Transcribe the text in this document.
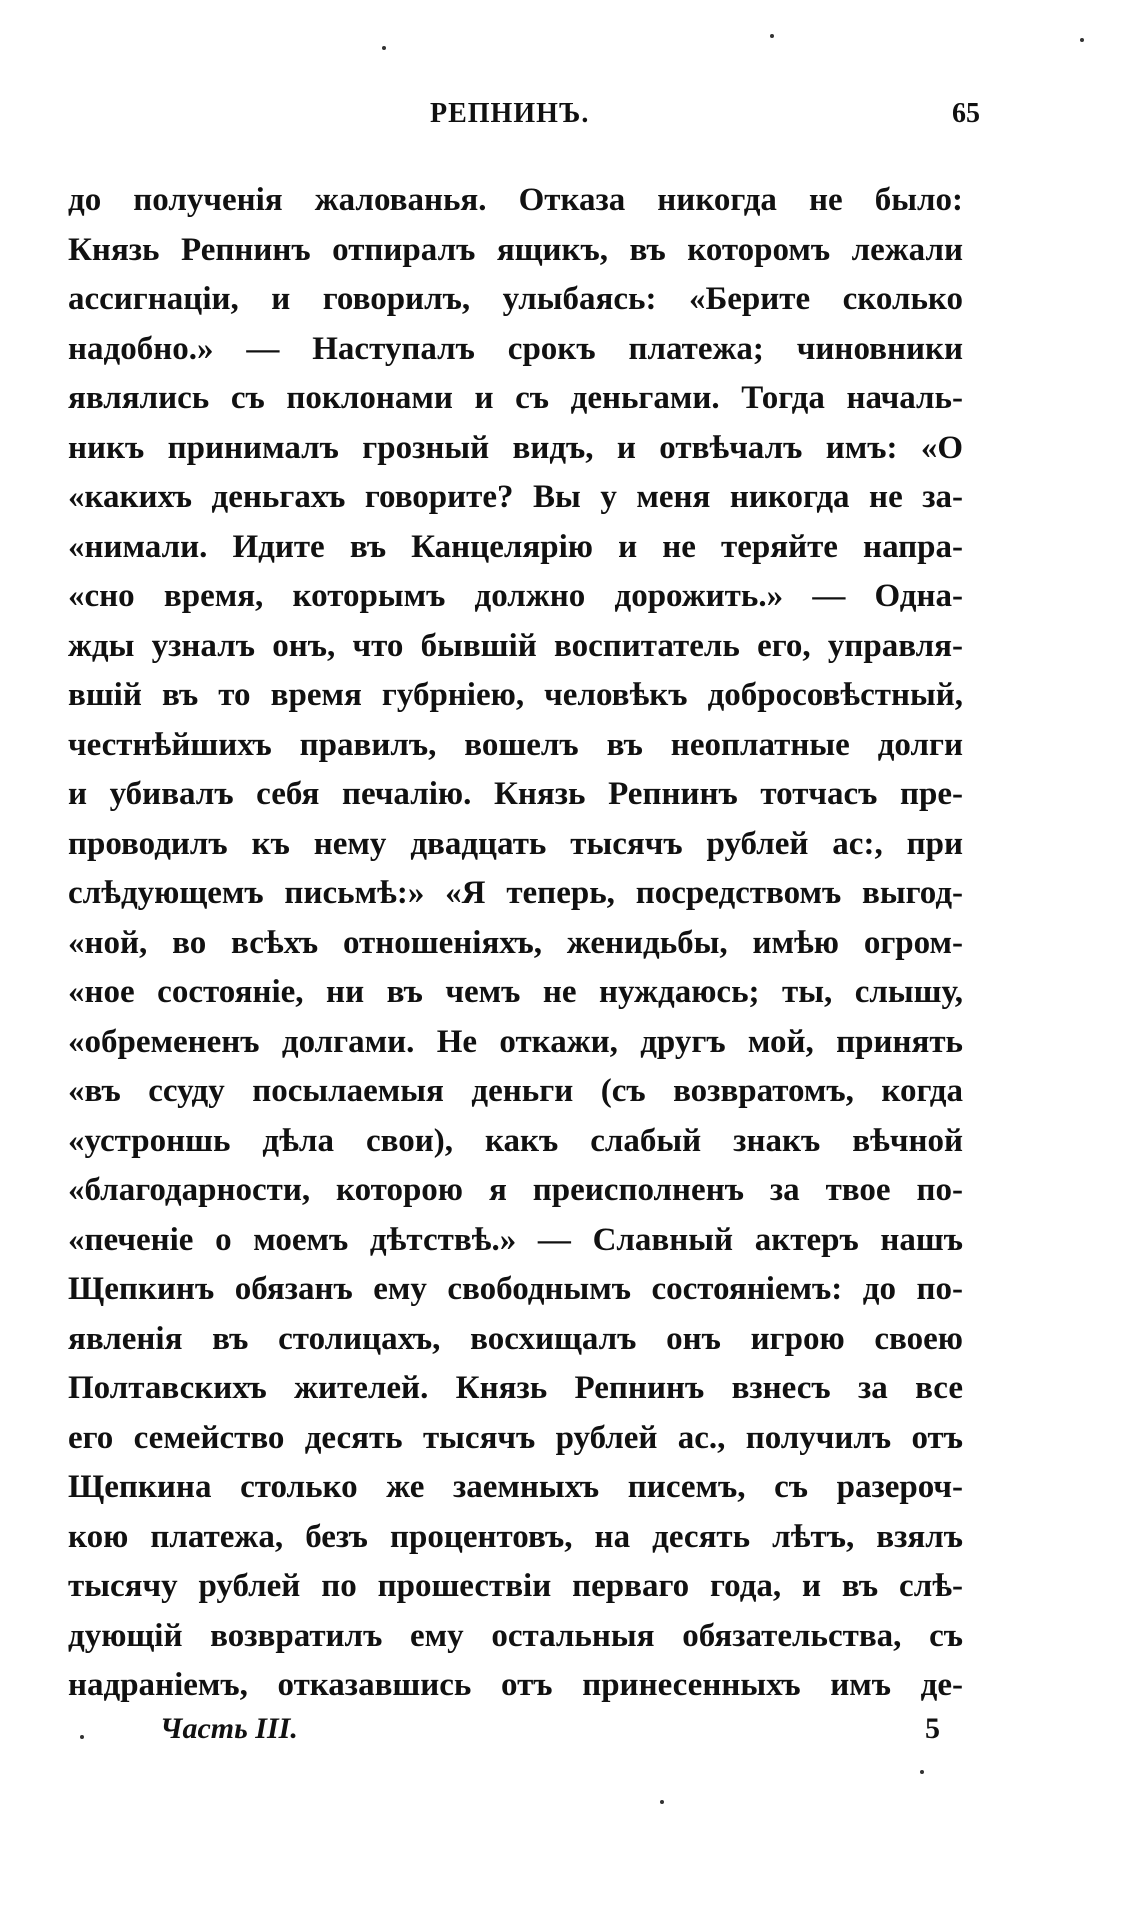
РЕПНИНЪ.	65
до полученія жалованья. Отказа никогда не было:
Князь Репнинъ отпиралъ ящикъ, въ которомъ лежали
ассигнаціи, и говорилъ, улыбаясь: «Берите сколько
надобно.» — Наступалъ срокъ платежа; чиновники
являлись съ поклонами и съ деньгами. Тогда началь-
никъ принималъ грозный видъ, и отвѣчалъ имъ: «О
«какихъ деньгахъ говорите? Вы у меня никогда не за-
«нимали. Идите въ Канцелярію и не теряйте напра-
«сно время, которымъ должно дорожить.» — Одна-
жды узналъ онъ, что бывшій воспитатель его, управля-
вшій въ то время губрніею, человѣкъ добросовѣстный,
честнѣйшихъ правилъ, вошелъ въ неоплатные долги
и убивалъ себя печалію. Князь Репнинъ тотчасъ пре-
проводилъ къ нему двадцать тысячъ рублей ас:, при
слѣдующемъ письмѣ:» «Я теперь, посредствомъ выгод-
«ной, во всѣхъ отношеніяхъ, женидьбы, имѣю огром-
«ное состояніе, ни въ чемъ не нуждаюсь; ты, слышу,
«обремененъ долгами. Не откажи, другъ мой, принять
«въ ссуду посылаемыя деньги (съ возвратомъ, когда
«устроншь дѣла свои), какъ слабый знакъ вѣчной
«благодарности, которою я преисполненъ за твое по-
«печеніе о моемъ дѣтствѣ.» — Славный актеръ нашъ
Щепкинъ обязанъ ему свободнымъ состояніемъ: до по-
явленія въ столицахъ, восхищалъ онъ игрою своею
Полтавскихъ жителей. Князь Репнинъ взнесъ за все
его семейство десять тысячъ рублей ас., получилъ отъ
Щепкина столько же заемныхъ писемъ, съ разероч-
кою платежа, безъ процентовъ, на десять лѣтъ, взялъ
тысячу рублей по прошествіи перваго года, и въ слѣ-
дующій возвратилъ ему остальныя обязательства, съ
надраніемъ, отказавшись отъ принесенныхъ имъ де-
Часть III.	5
